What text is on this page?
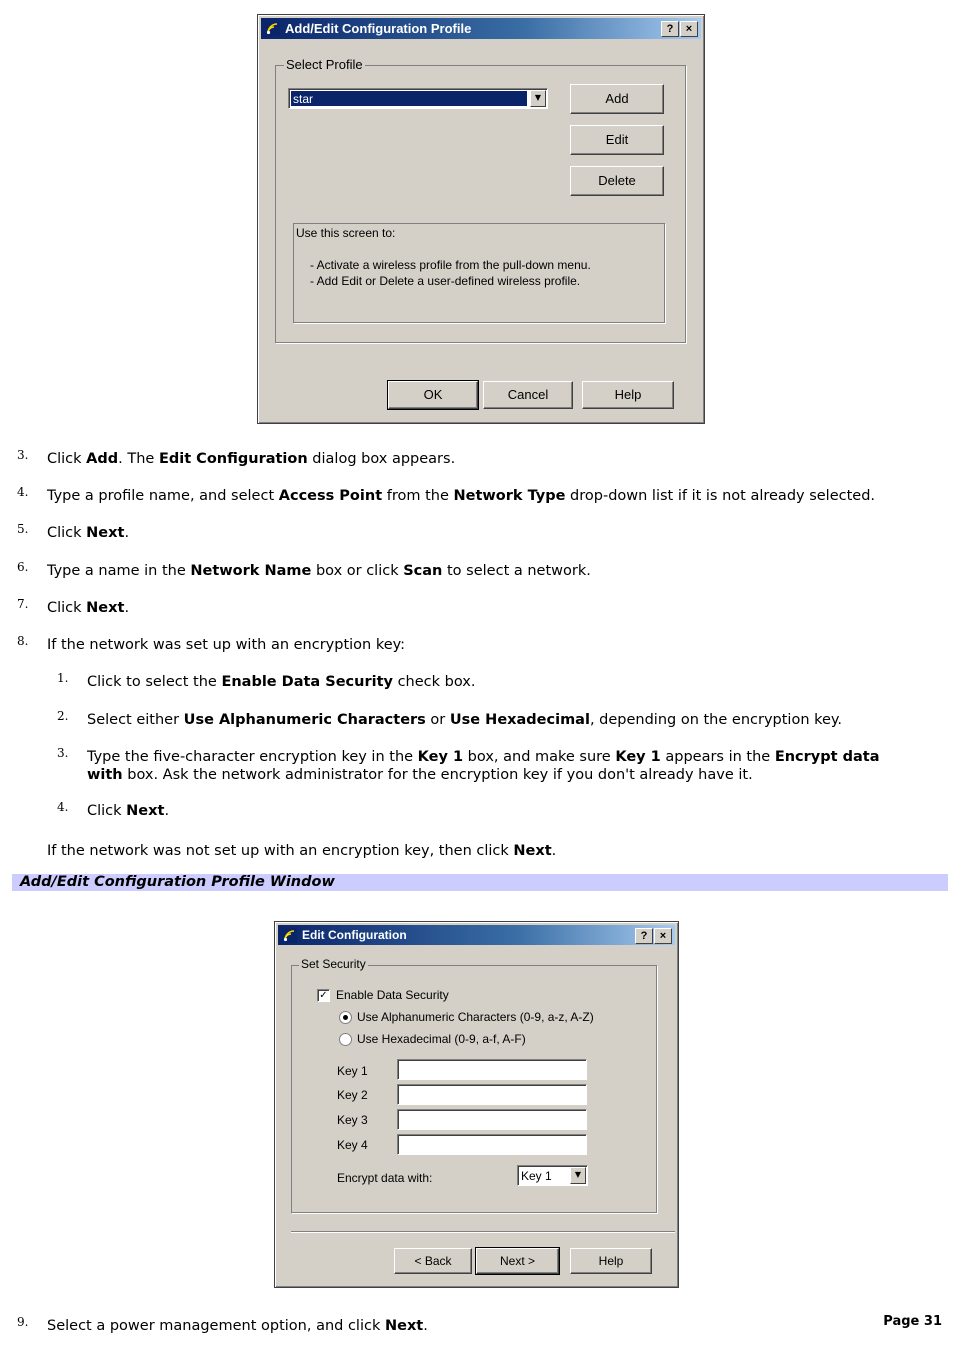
Add/Edit Configuration Profile	?	×
Select Profile
star	▼	Add
Edit
Delete
Use this screen to:
- Activate a wireless profile from the pull-down menu.
- Add Edit or Delete a user-defined wireless profile.
OK	Cancel	Help
3. Click Add. The Edit Configuration dialog box appears.
4. Type a profile name, and select Access Point from the Network Type drop-down list if it is not already selected.
5. Click Next.
6. Type a name in the Network Name box or click Scan to select a network.
7. Click Next.
8. If the network was set up with an encryption key:
1. Click to select the Enable Data Security check box.
2. Select either Use Alphanumeric Characters or Use Hexadecimal, depending on the encryption key.
3. Type the five-character encryption key in the Key 1 box, and make sure Key 1 appears in the Encrypt data with box. Ask the network administrator for the encryption key if you don't already have it.
4. Click Next.
If the network was not set up with an encryption key, then click Next.
Add/Edit Configuration Profile Window
Edit Configuration	?	×
Set Security
✓ Enable Data Security
Use Alphanumeric Characters (0-9, a-z, A-Z)
Use Hexadecimal (0-9, a-f, A-F)
Key 1
Key 2
Key 3
Key 4
Encrypt data with:	Key 1	▼
< Back	Next >	Help
9. Select a power management option, and click Next.	Page 31
